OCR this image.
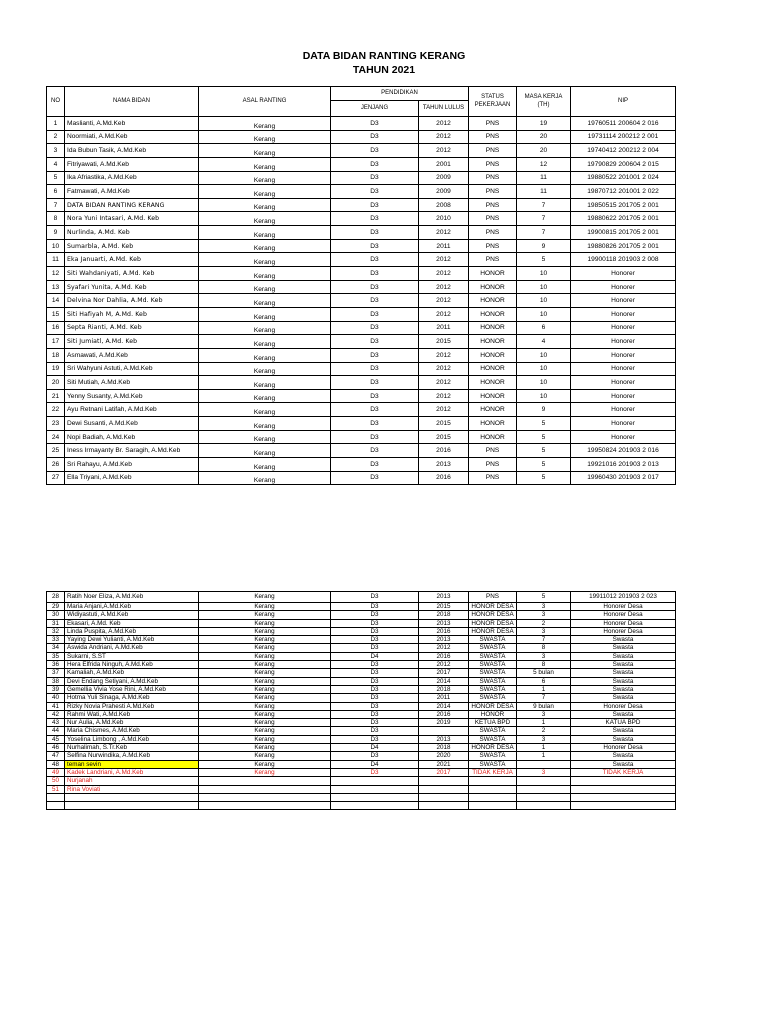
DATA BIDAN RANTING KERANG
TAHUN 2021
NO	NAMA BIDAN	ASAL RANTING	PENDIDIKAN		STATUS
PEKERJAAN	MASA KERJA
(TH)	NIP
			JENJANG	TAHUN LULUS			
1	Maslianti, A.Md.Keb	Kerang	D3	2012	PNS	19	19760511 200604 2 016
2	Noormiati, A.Md.Keb	Kerang	D3	2012	PNS	20	19731114 200212 2 001
3	Ida Bubun Tasik, A.Md.Keb	Kerang	D3	2012	PNS	20	19740412 200212 2 004
4	Fitriyawati, A.Md.Keb	Kerang	D3	2001	PNS	12	19790829 200604 2 015
5	Ika Afriastika, A.Md.Keb	Kerang	D3	2009	PNS	11	19880522 201001 2 024
6	Fatmawati, A.Md.Keb	Kerang	D3	2009	PNS	11	19870712 201001 2 022
7	DATA BIDAN RANTING KERANG	Kerang	D3	2008	PNS	7	19850515 201705 2 001
8	Nora Yuni Intasari, A.Md. Keb	Kerang	D3	2010	PNS	7	19880622 201705 2 001
9	Nurlinda, A.Md. Keb	Kerang	D3	2012	PNS	7	19900815 201705 2 001
10	Sumarbla, A.Md. Keb	Kerang	D3	2011	PNS	9	19880826 201705 2 001
11	Eka Januarti, A.Md. Keb	Kerang	D3	2012	PNS	5	19900118 201903 2 008
12	Siti Wahdaniyati, A.Md. Keb	Kerang	D3	2012	HONOR	10	Honorer
13	Syafari Yunita, A.Md. Keb	Kerang	D3	2012	HONOR	10	Honorer
14	Delvina Nor Dahlia, A.Md. Keb	Kerang	D3	2012	HONOR	10	Honorer
15	Siti Hafiyah M, A.Md. Keb	Kerang	D3	2012	HONOR	10	Honorer
16	Septa Rianti, A.Md. Keb	Kerang	D3	2011	HONOR	6	Honorer
17	Siti Jumiatl, A.Md. Keb	Kerang	D3	2015	HONOR	4	Honorer
18	Asmawati, A.Md.Keb	Kerang	D3	2012	HONOR	10	Honorer
19	Sri Wahyuni Astuti, A.Md.Keb	Kerang	D3	2012	HONOR	10	Honorer
20	Siti Mutiah, A.Md.Keb	Kerang	D3	2012	HONOR	10	Honorer
21	Yenny Susanty, A.Md.Keb	Kerang	D3	2012	HONOR	10	Honorer
22	Ayu Retnani Latifah, A.Md.Keb	Kerang	D3	2012	HONOR	9	Honorer
23	Dewi Susanti, A.Md.Keb	Kerang	D3	2015	HONOR	5	Honorer
24	Nopi Badiah, A.Md.Keb	Kerang	D3	2015	HONOR	5	Honorer
25	Iness Irmayanty Br. Saragih, A.Md.Keb	Kerang	D3	2016	PNS	5	19950824 201903 2 016
26	Sri Rahayu, A.Md.Keb	Kerang	D3	2013	PNS	5	19921016 201903 2 013
27	Ella Triyani, A.Md.Keb	Kerang	D3	2016	PNS	5	19960430 201903 2 017
28	Ratih Noer Eliza, A.Md.Keb	Kerang	D3	2013	PNS	5	19911012 201903 2 023
29	Maria Anjani,A.Md.Keb	Kerang	D3	2015	HONOR DESA	3	Honorer Desa
30	Widiyastuti, A.Md.Keb	Kerang	D3	2018	HONOR DESA	3	Honorer Desa
31	Ekasari, A.Md. Keb	Kerang	D3	2013	HONOR DESA	2	Honorer Desa
32	Linda Puspita, A.Md.Keb	Kerang	D3	2016	HONOR DESA	3	Honorer Desa
33	Yaying Dewi Yulianti, A.Md.Keb	Kerang	D3	2013	SWASTA	7	Swasta
34	Aswida Andriani, A.Md.Keb	Kerang	D3	2012	SWASTA	8	Swasta
35	Sukarni, S.ST	Kerang	D4	2016	SWASTA	3	Swasta
36	Hera Elfrida Ninguh, A.Md.Keb	Kerang	D3	2012	SWASTA	8	Swasta
37	Kamaliah, A.Md.Keb	Kerang	D3	2017	SWASTA	5 bulan	Swasta
38	Devi Endang Setiyani, A.Md.Keb	Kerang	D3	2014	SWASTA	6	Swasta
39	Gemellia Vivia Yose Rini, A.Md.Keb	Kerang	D3	2018	SWASTA	1	Swasta
40	Hotma Yuli Sinaga, A.Md.Keb	Kerang	D3	2011	SWASTA	7	Swasta
41	Rizky Novia Prahesti A.Md.Keb	Kerang	D3	2014	HONOR DESA	9 bulan	Honorer Desa
42	Rahmi Wati, A.Md.Keb	Kerang	D3	2016	HONOR	3	Swasta
43	Nur Aulia, A.Md.Keb	Kerang	D3	2019	KETUA BPD	1	KATUA BPD
44	Maria Chismes, A.Md.Keb	Kerang	D3		SWASTA	2	Swasta
45	Yoselina Limbong , A.Md.Keb	Kerang	D3	2013	SWASTA	3	Swasta
46	Nurhalimah, S.Tr.Keb	Kerang	D4	2018	HONOR DESA	1	Honorer Desa
47	Selfina Nurwindika, A.Md.Keb	Kerang	D3	2020	SWASTA	1	Swasta
48	teman sevin	Kerang	D4	2021	SWASTA		Swasta
49	Kadek Landriani, A.Md.Keb	Kerang	D3	2017	TIDAK KERJA	3	TIDAK KERJA
50	Nurjanah						
51	Rina Voviati						
